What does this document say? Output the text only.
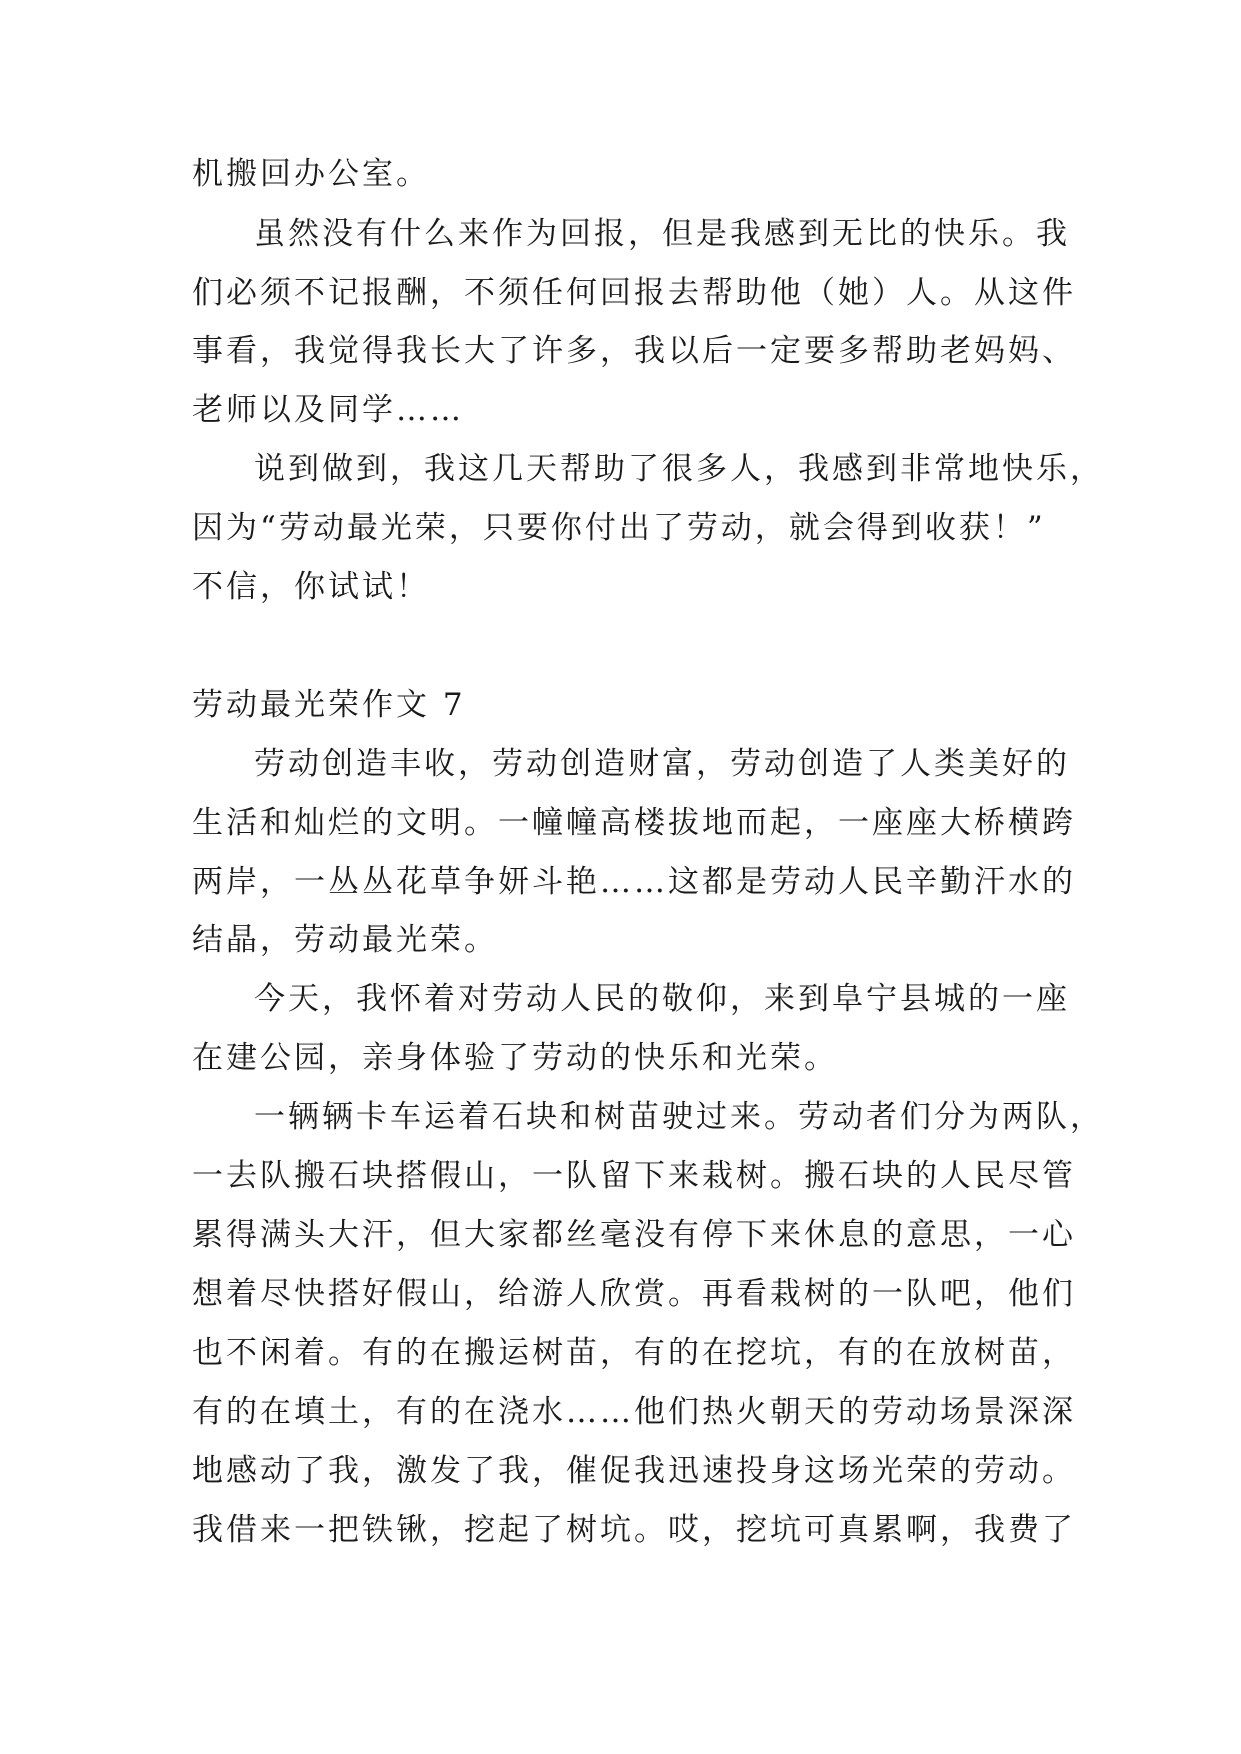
机搬回办公室。

虽然没有什么来作为回报，但是我感到无比的快乐。我

们必须不记报酬，不须任何回报去帮助他（她）人。从这件

事看，我觉得我长大了许多，我以后一定要多帮助老妈妈、

老师以及同学……

说到做到，我这几天帮助了很多人，我感到非常地快乐，

因为“劳动最光荣，只要你付出了劳动，就会得到收获！”

不信，你试试！

劳动最光荣作文 7

劳动创造丰收，劳动创造财富，劳动创造了人类美好的

生活和灿烂的文明。一幢幢高楼拔地而起，一座座大桥横跨

两岸，一丛丛花草争妍斗艳……这都是劳动人民辛勤汗水的

结晶，劳动最光荣。

今天，我怀着对劳动人民的敬仰，来到阜宁县城的一座

在建公园，亲身体验了劳动的快乐和光荣。

一辆辆卡车运着石块和树苗驶过来。劳动者们分为两队，

一去队搬石块搭假山，一队留下来栽树。搬石块的人民尽管

累得满头大汗，但大家都丝毫没有停下来休息的意思，一心

想着尽快搭好假山，给游人欣赏。再看栽树的一队吧，他们

也不闲着。有的在搬运树苗，有的在挖坑，有的在放树苗，

有的在填土，有的在浇水……他们热火朝天的劳动场景深深

地感动了我，激发了我，催促我迅速投身这场光荣的劳动。

我借来一把铁锹，挖起了树坑。哎，挖坑可真累啊，我费了
